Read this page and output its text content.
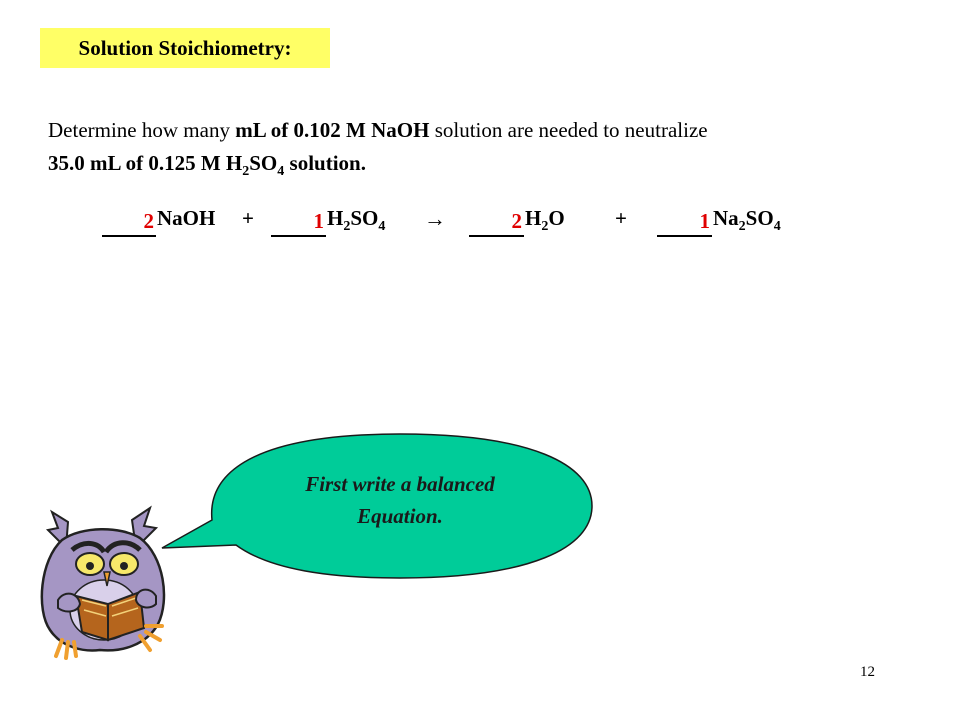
Solution Stoichiometry:
Determine how many mL of 0.102 M NaOH solution are needed to neutralize
35.0 mL of 0.125 M $H_2SO_4$ solution.
2 NaOH +	1 $H_2SO_4$ →	2 $H_2O$ +	1 $Na_2SO_4$
First write a balanced
Equation.
12
